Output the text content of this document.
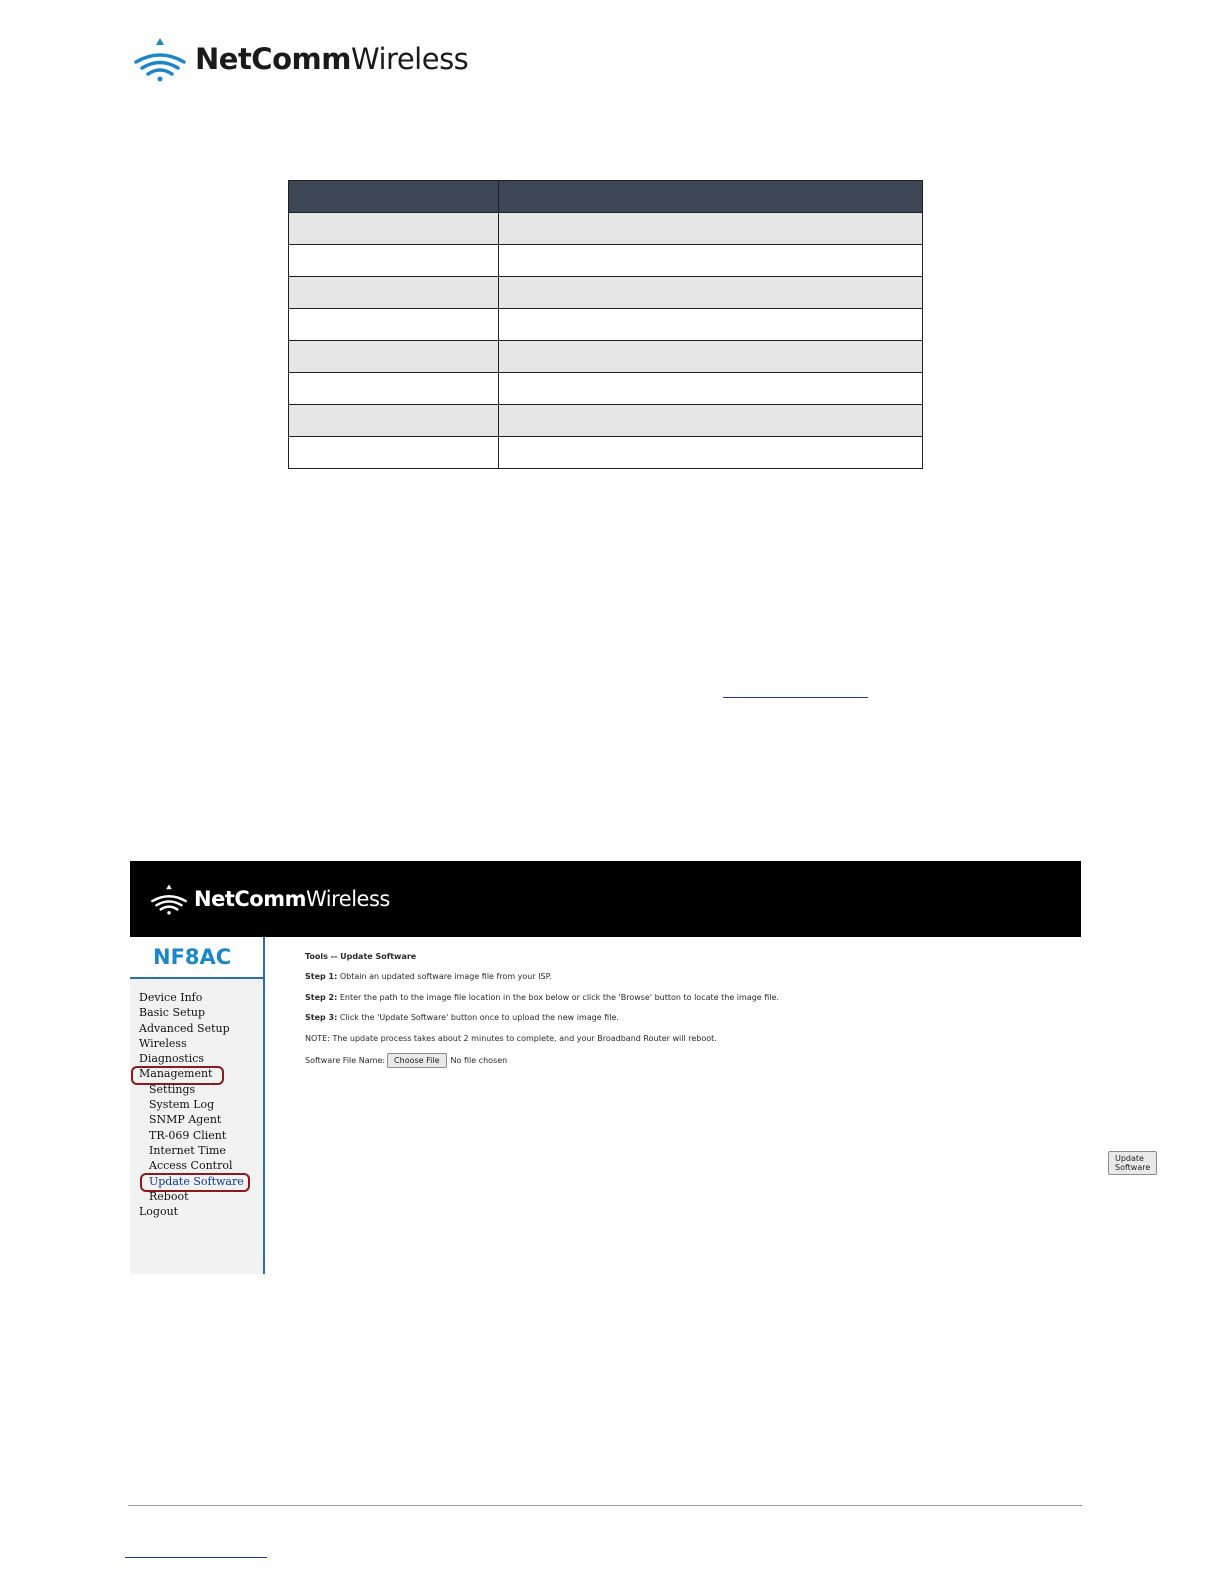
NetCommWireless

NetCommWireless
NF8AC
Device Info
Basic Setup
Advanced Setup
Wireless
Diagnostics
Management
Settings
System Log
SNMP Agent
TR-069 Client
Internet Time
Access Control
Update Software
Reboot
Logout

Tools -- Update Software

Step 1: Obtain an updated software image file from your ISP.

Step 2: Enter the path to the image file location in the box below or click the 'Browse' button to locate the image file.

Step 3: Click the 'Update Software' button once to upload the new image file.

NOTE: The update process takes about 2 minutes to complete, and your Broadband Router will reboot.

Software File Name:	Choose File	No file chosen
Update Software
